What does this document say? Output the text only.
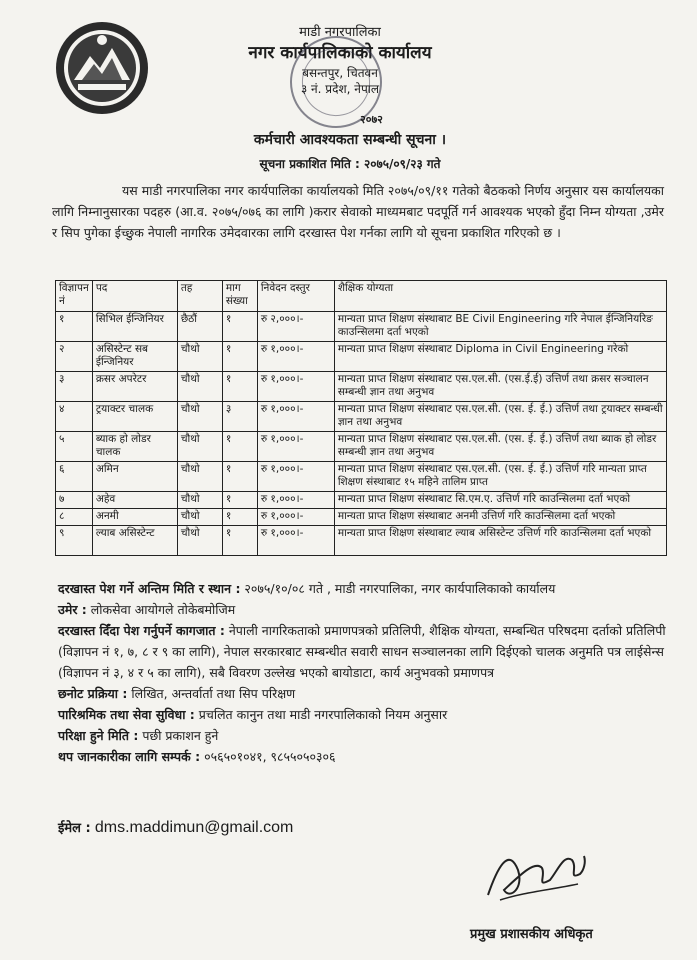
माडी नगरपालिका
नगर कार्यपालिकाको कार्यालय
बसन्तपुर, चितवन
३ नं. प्रदेश, नेपाल
२०७२
कर्मचारी आवश्यकता सम्बन्धी सूचना ।
सूचना प्रकाशित मिति : २०७५/०९/२३ गते
यस माडी नगरपालिका नगर कार्यपालिका कार्यालयको मिति २०७५/०९/११ गतेको बैठकको निर्णय अनुसार यस कार्यालयका लागि निम्नानुसारका पदहरु (आ.व. २०७५/०७६ का लागि )करार सेवाको माध्यमबाट पदपूर्ति गर्न आवश्यक भएको हुँदा निम्न योग्यता ,उमेर र सिप पुगेका ईच्छुक नेपाली नागरिक उमेदवारका लागि दरखास्त पेश गर्नका लागि यो सूचना प्रकाशित गरिएको छ ।
विज्ञापन नं	पद	तह	माग संख्या	निवेदन दस्तुर	शैक्षिक योग्यता
१	सिभिल ईन्जिनियर	छैठौं	१	रु २,०००।-	मान्यता प्राप्त शिक्षण संस्थाबाट BE Civil Engineering गरि नेपाल ईन्जिनियरिङ काउन्सिलमा दर्ता भएको
२	असिस्टेन्ट सब ईन्जिनियर	चौथो	१	रु १,०००।-	मान्यता प्राप्त शिक्षण संस्थाबाट Diploma in Civil Engineering गरेको
३	क्रसर अपरेटर	चौथो	१	रु १,०००।-	मान्यता प्राप्त शिक्षण संस्थाबाट एस.एल.सी. (एस.ई.ई) उत्तिर्ण तथा क्रसर सञ्चालन सम्बन्धी ज्ञान तथा अनुभव
४	ट्रयाक्टर चालक	चौथो	३	रु १,०००।-	मान्यता प्राप्त शिक्षण संस्थाबाट एस.एल.सी. (एस. ई. ई.) उत्तिर्ण तथा ट्रयाक्टर सम्बन्धी ज्ञान तथा अनुभव
५	ब्याक हो लोडर चालक	चौथो	१	रु १,०००।-	मान्यता प्राप्त शिक्षण संस्थाबाट एस.एल.सी. (एस. ई. ई.) उत्तिर्ण तथा ब्याक हो लोडर सम्बन्धी ज्ञान तथा अनुभव
६	अमिन	चौथो	१	रु १,०००।-	मान्यता प्राप्त शिक्षण संस्थाबाट एस.एल.सी. (एस. ई. ई.) उत्तिर्ण गरि मान्यता प्राप्त शिक्षण संस्थाबाट १५ महिने तालिम प्राप्त
७	अहेव	चौथो	१	रु १,०००।-	मान्यता प्राप्त शिक्षण संस्थाबाट सि.एम.ए. उत्तिर्ण गरि काउन्सिलमा दर्ता भएको
८	अनमी	चौथो	१	रु १,०००।-	मान्यता प्राप्त शिक्षण संस्थाबाट अनमी उत्तिर्ण गरि काउन्सिलमा दर्ता भएको
९	ल्याब असिस्टेन्ट	चौथो	१	रु १,०००।-	मान्यता प्राप्त शिक्षण संस्थाबाट ल्याब असिस्टेन्ट उत्तिर्ण गरि काउन्सिलमा दर्ता भएको

दरखास्त पेश गर्ने अन्तिम मिति र स्थान : २०७५/१०/०८ गते , माडी नगरपालिका, नगर कार्यपालिकाको कार्यालय

उमेर : लोकसेवा आयोगले तोकेबमोजिम

दरखास्त दिँदा पेश गर्नुपर्ने कागजात : नेपाली नागरिकताको प्रमाणपत्रको प्रतिलिपी, शैक्षिक योग्यता, सम्बन्धित परिषदमा दर्ताको प्रतिलिपी (विज्ञापन नं १, ७, ८ र ९ का लागि), नेपाल सरकारबाट सम्बन्धीत सवारी साधन सञ्चालनका लागि दिईएको चालक अनुमति पत्र लाईसेन्स (विज्ञापन नं ३, ४ र ५ का लागि), सबै विवरण उल्लेख भएको बायोडाटा, कार्य अनुभवको प्रमाणपत्र

छनोट प्रक्रिया : लिखित, अन्तर्वार्ता तथा सिप परिक्षण

पारिश्रमिक तथा सेवा सुविधा : प्रचलित कानुन तथा माडी नगरपालिकाको नियम अनुसार

परिक्षा हुने मिति : पछी प्रकाशन हुने

थप जानकारीका लागि सम्पर्क : ०५६५०१०४१, ९८५५०५०३०६

ईमेल : dms.maddimun@gmail.com
प्रमुख प्रशासकीय अधिकृत
